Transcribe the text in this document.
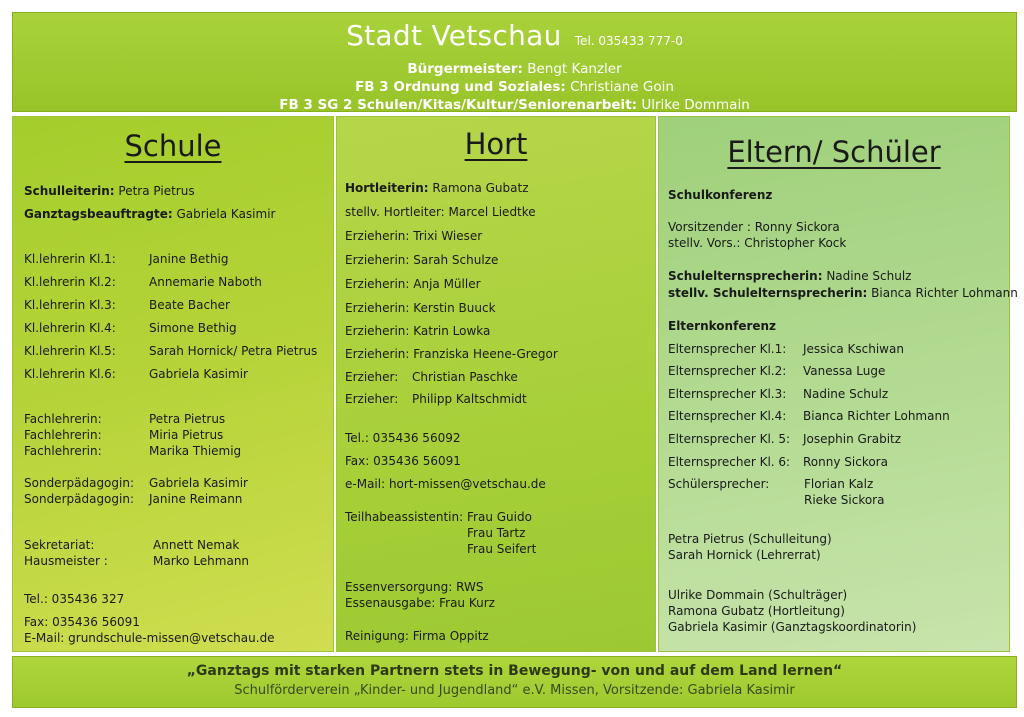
Stadt Vetschau Tel. 035433 777-0
Bürgermeister: Bengt Kanzler
FB 3 Ordnung und Soziales: Christiane Goin
FB 3 SG 2 Schulen/Kitas/Kultur/Seniorenarbeit: Ulrike Dommain
Schule
Schulleiterin: Petra Pietrus
Ganztagsbeauftragte: Gabriela Kasimir
Kl.lehrerin Kl.1:	Janine Bethig
Kl.lehrerin Kl.2:	Annemarie Naboth
Kl.lehrerin Kl.3:	Beate Bacher
Kl.lehrerin Kl.4:	Simone Bethig
Kl.lehrerin Kl.5:	Sarah Hornick/ Petra Pietrus
Kl.lehrerin Kl.6:	Gabriela Kasimir
Fachlehrerin:	Petra Pietrus
Fachlehrerin:	Miria Pietrus
Fachlehrerin:	Marika Thiemig
Sonderpädagogin: Gabriela Kasimir
Sonderpädagogin: Janine Reimann
Sekretariat:	Annett Nemak
Hausmeister :	Marko Lehmann
Tel.: 035436 327
Fax: 035436 56091
E-Mail: grundschule-missen@vetschau.de
Hort
Hortleiterin: Ramona Gubatz
stellv. Hortleiter: Marcel Liedtke
Erzieherin: Trixi Wieser
Erzieherin: Sarah Schulze
Erzieherin: Anja Müller
Erzieherin: Kerstin Buuck
Erzieherin: Katrin Lowka
Erzieherin: Franziska Heene-Gregor
Erzieher: Christian Paschke
Erzieher: Philipp Kaltschmidt
Tel.: 035436 56092
Fax: 035436 56091
e-Mail: hort-missen@vetschau.de
Teilhabeassistentin: Frau Guido
Frau Tartz
Frau Seifert
Essenversorgung: RWS
Essenausgabe: Frau Kurz
Reinigung: Firma Oppitz
Eltern/ Schüler
Schulkonferenz
Vorsitzender : Ronny Sickora
stellv. Vors.: Christopher Kock
Schulelternsprecherin: Nadine Schulz
stellv. Schulelternsprecherin: Bianca Richter Lohmann
Elternkonferenz
Elternsprecher Kl.1: Jessica Kschiwan
Elternsprecher Kl.2: Vanessa Luge
Elternsprecher Kl.3: Nadine Schulz
Elternsprecher Kl.4: Bianca Richter Lohmann
Elternsprecher Kl. 5: Josephin Grabitz
Elternsprecher Kl. 6: Ronny Sickora
Schülersprecher:	Florian Kalz
Rieke Sickora
Petra Pietrus (Schulleitung)
Sarah Hornick (Lehrerrat)
Ulrike Dommain (Schulträger)
Ramona Gubatz (Hortleitung)
Gabriela Kasimir (Ganztagskoordinatorin)
„Ganztags mit starken Partnern stets in Bewegung- von und auf dem Land lernen“
Schulförderverein „Kinder- und Jugendland“ e.V. Missen, Vorsitzende: Gabriela Kasimir
